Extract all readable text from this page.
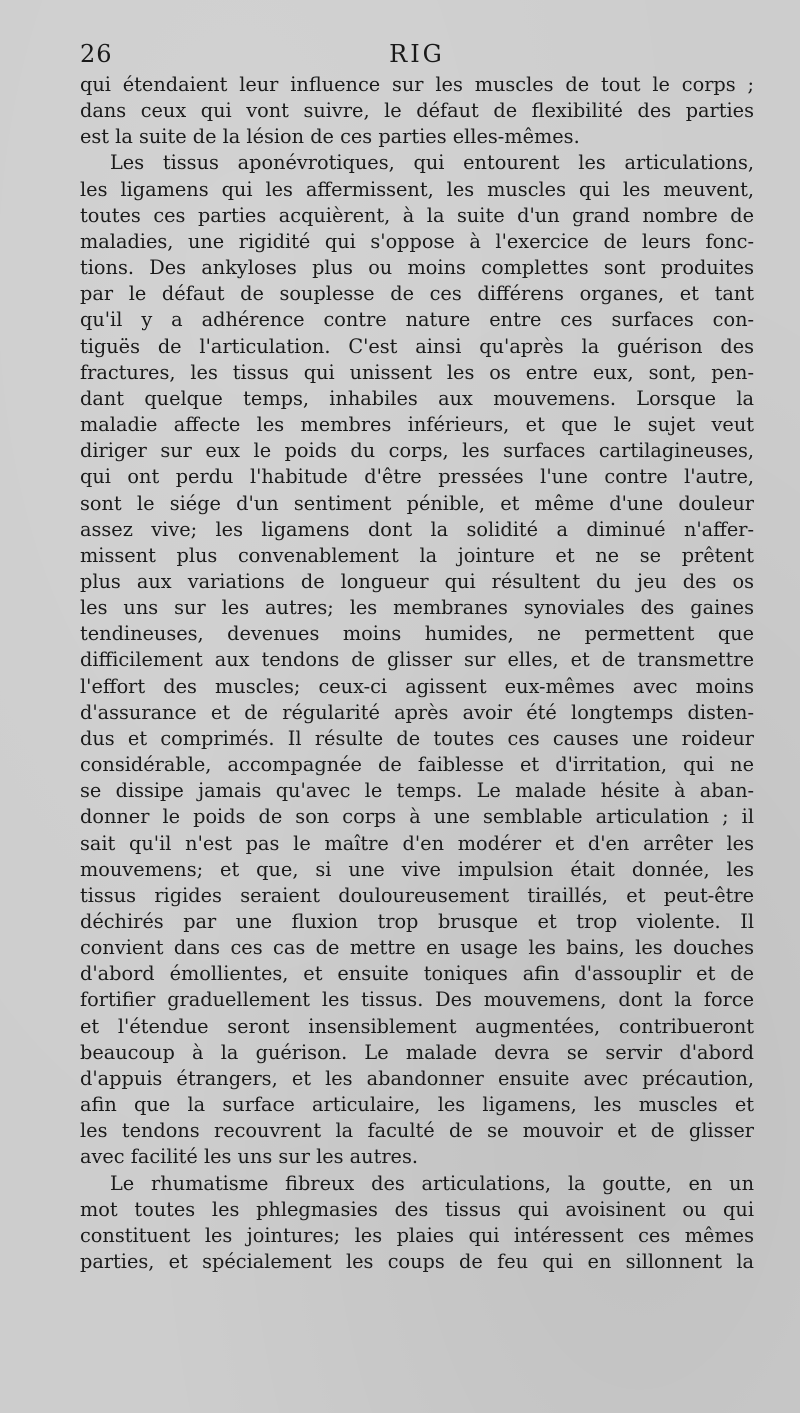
26	RIG
qui étendaient leur influence sur les muscles de tout le corps ;
dans ceux qui vont suivre, le défaut de flexibilité des parties
est la suite de la lésion de ces parties elles-mêmes.
Les tissus aponévrotiques, qui entourent les articulations,
les ligamens qui les affermissent, les muscles qui les meuvent,
toutes ces parties acquièrent, à la suite d'un grand nombre de
maladies, une rigidité qui s'oppose à l'exercice de leurs fonc-
tions. Des ankyloses plus ou moins complettes sont produites
par le défaut de souplesse de ces différens organes, et tant
qu'il y a adhérence contre nature entre ces surfaces con-
tiguës de l'articulation. C'est ainsi qu'après la guérison des
fractures, les tissus qui unissent les os entre eux, sont, pen-
dant quelque temps, inhabiles aux mouvemens. Lorsque la
maladie affecte les membres inférieurs, et que le sujet veut
diriger sur eux le poids du corps, les surfaces cartilagineuses,
qui ont perdu l'habitude d'être pressées l'une contre l'autre,
sont le siége d'un sentiment pénible, et même d'une douleur
assez vive; les ligamens dont la solidité a diminué n'affer-
missent plus convenablement la jointure et ne se prêtent
plus aux variations de longueur qui résultent du jeu des os
les uns sur les autres; les membranes synoviales des gaines
tendineuses, devenues moins humides, ne permettent que
difficilement aux tendons de glisser sur elles, et de transmettre
l'effort des muscles; ceux-ci agissent eux-mêmes avec moins
d'assurance et de régularité après avoir été longtemps disten-
dus et comprimés. Il résulte de toutes ces causes une roideur
considérable, accompagnée de faiblesse et d'irritation, qui ne
se dissipe jamais qu'avec le temps. Le malade hésite à aban-
donner le poids de son corps à une semblable articulation ; il
sait qu'il n'est pas le maître d'en modérer et d'en arrêter les
mouvemens; et que, si une vive impulsion était donnée, les
tissus rigides seraient douloureusement tiraillés, et peut-être
déchirés par une fluxion trop brusque et trop violente. Il
convient dans ces cas de mettre en usage les bains, les douches
d'abord émollientes, et ensuite toniques afin d'assouplir et de
fortifier graduellement les tissus. Des mouvemens, dont la force
et l'étendue seront insensiblement augmentées, contribueront
beaucoup à la guérison. Le malade devra se servir d'abord
d'appuis étrangers, et les abandonner ensuite avec précaution,
afin que la surface articulaire, les ligamens, les muscles et
les tendons recouvrent la faculté de se mouvoir et de glisser
avec facilité les uns sur les autres.
Le rhumatisme fibreux des articulations, la goutte, en un
mot toutes les phlegmasies des tissus qui avoisinent ou qui
constituent les jointures; les plaies qui intéressent ces mêmes
parties, et spécialement les coups de feu qui en sillonnent la
